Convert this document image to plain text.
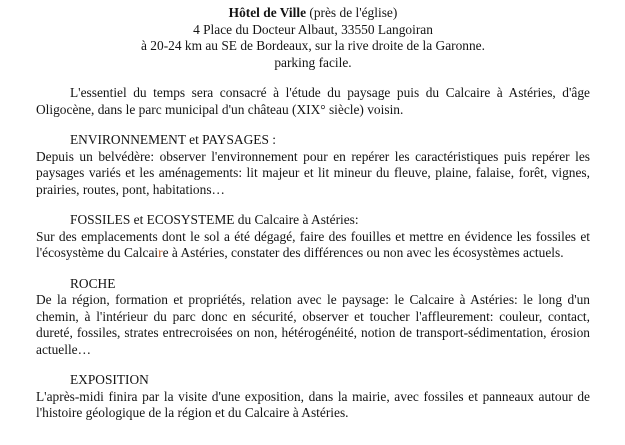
Hôtel de Ville (près de l'église)
4 Place du Docteur Albaut, 33550 Langoiran
à 20-24 km au SE de Bordeaux, sur la rive droite de la Garonne.
parking facile.

L'essentiel du temps sera consacré à l'étude du paysage puis du Calcaire à Astéries, d'âge Oligocène, dans le parc municipal d'un château (XIX° siècle) voisin.

ENVIRONNEMENT et PAYSAGES :

Depuis un belvédère: observer l'environnement pour en repérer les caractéristiques puis repérer les paysages variés et les aménagements: lit majeur et lit mineur du fleuve, plaine, falaise, forêt, vignes, prairies, routes, pont, habitations…

FOSSILES et ECOSYSTEME du Calcaire à Astéries:

Sur des emplacements dont le sol a été dégagé, faire des fouilles et mettre en évidence les fossiles et l'écosystème du Calcaire à Astéries, constater des différences ou non avec les écosystèmes actuels.

ROCHE

De la région, formation et propriétés, relation avec le paysage: le Calcaire à Astéries: le long d'un chemin, à l'intérieur du parc donc en sécurité, observer et toucher l'affleurement: couleur, contact, dureté, fossiles, strates entrecroisées on non, hétérogénéité, notion de transport-sédimentation, érosion actuelle…

EXPOSITION

L'après-midi finira par la visite d'une exposition, dans la mairie, avec fossiles et panneaux autour de l'histoire géologique de la région et du Calcaire à Astéries.
